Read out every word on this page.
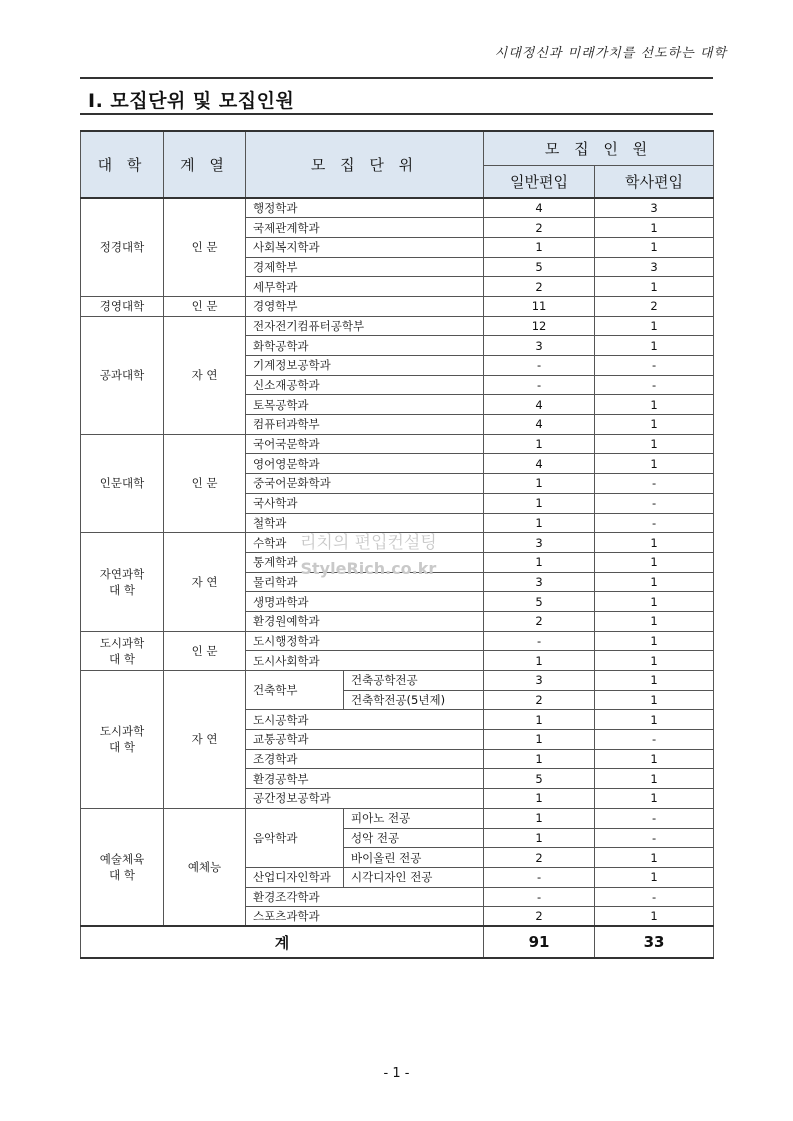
시대정신과 미래가치를 선도하는 대학
Ⅰ. 모집단위 및 모집인원
대 학	계 열	모 집 단 위		모 집 인 원	
				일반편입	학사편입
정경대학	인 문	행정학과		4	3
		국제관계학과		2	1
		사회복지학과		1	1
		경제학부		5	3
		세무학과		2	1
경영대학	인 문	경영학부		11	2
공과대학	자 연	전자전기컴퓨터공학부		12	1
		화학공학과		3	1
		기계정보공학과		-	-
		신소재공학과		-	-
		토목공학과		4	1
		컴퓨터과학부		4	1
인문대학	인 문	국어국문학과		1	1
		영어영문학과		4	1
		중국어문화학과		1	-
		국사학과		1	-
		철학과		1	-
자연과학
대 학	자 연	수학과		3	1
		통계학과		1	1
		물리학과		3	1
		생명과학과		5	1
		환경원예학과		2	1
도시과학
대 학	인 문	도시행정학과		-	1
		도시사회학과		1	1
도시과학
대 학	자 연	건축학부	건축공학전공	3	1
			건축학전공(5년제)	2	1
		도시공학과		1	1
		교통공학과		1	-
		조경학과		1	1
		환경공학부		5	1
		공간정보공학과		1	1
예술체육
대 학	예체능	음악학과	피아노 전공	1	-
			성악 전공	1	-
			바이올린 전공	2	1
		산업디자인학과	시각디자인 전공	-	1
		환경조각학과		-	-
		스포츠과학과		2	1
계				91	33
리치의 편입컨설팅
StyleRich.co.kr
- 1 -
